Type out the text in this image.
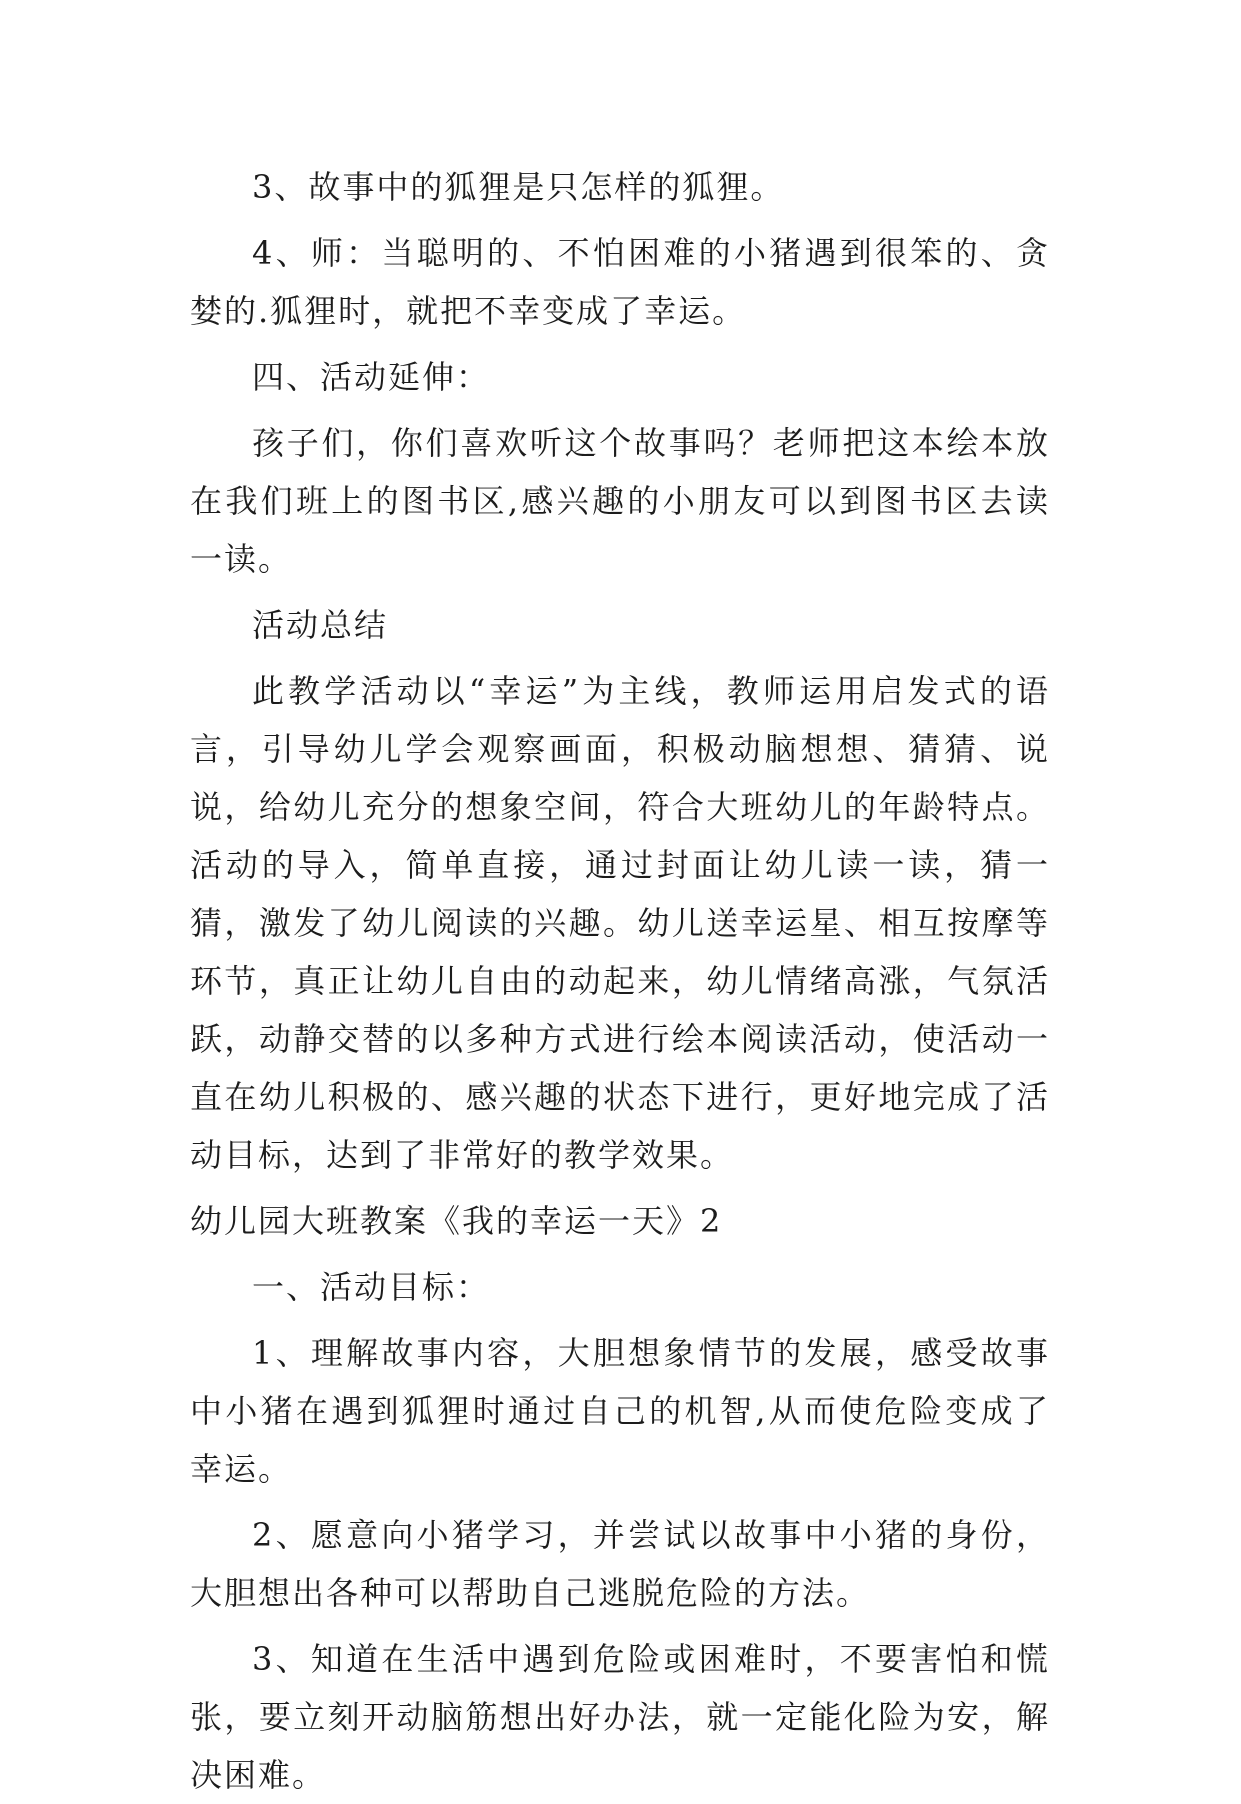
3、故事中的狐狸是只怎样的狐狸。

4、师：当聪明的、不怕困难的小猪遇到很笨的、贪婪的.狐狸时，就把不幸变成了幸运。

四、活动延伸：

孩子们，你们喜欢听这个故事吗？老师把这本绘本放在我们班上的图书区,感兴趣的小朋友可以到图书区去读一读。

活动总结

此教学活动以“幸运”为主线，教师运用启发式的语言，引导幼儿学会观察画面，积极动脑想想、猜猜、说说，给幼儿充分的想象空间，符合大班幼儿的年龄特点。活动的导入，简单直接，通过封面让幼儿读一读，猜一猜，激发了幼儿阅读的兴趣。幼儿送幸运星、相互按摩等环节，真正让幼儿自由的动起来，幼儿情绪高涨，气氛活跃，动静交替的以多种方式进行绘本阅读活动，使活动一直在幼儿积极的、感兴趣的状态下进行，更好地完成了活动目标，达到了非常好的教学效果。

幼儿园大班教案《我的幸运一天》2

一、活动目标：

1、理解故事内容，大胆想象情节的发展，感受故事中小猪在遇到狐狸时通过自己的机智,从而使危险变成了幸运。

2、愿意向小猪学习，并尝试以故事中小猪的身份，大胆想出各种可以帮助自己逃脱危险的方法。

3、知道在生活中遇到危险或困难时，不要害怕和慌张，要立刻开动脑筋想出好办法，就一定能化险为安，解决困难。
